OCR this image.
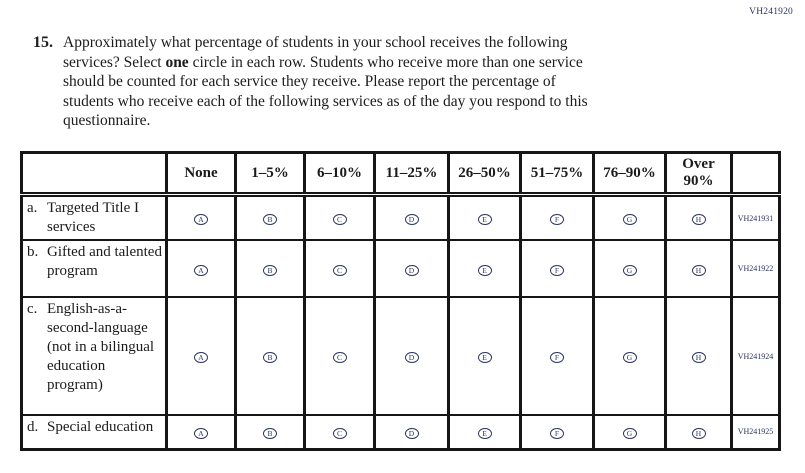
VH241920
15. Approximately what percentage of students in your school receives the following
services? Select one circle in each row. Students who receive more than one service
should be counted for each service they receive. Please report the percentage of
students who receive each of the following services as of the day you respond to this
questionnaire.
	None	1–5%	6–10%	11–25%	26–50%	51–75%	76–90%	Over 90%	

a. Targeted Title I services	A	B	C	D	E	F	G	H	VH241931

b. Gifted and talented program	A	B	C	D	E	F	G	H	VH241922

c. English-as-a-second-language (not in a bilingual education program)	A	B	C	D	E	F	G	H	VH241924

d. Special education	A	B	C	D	E	F	G	H	VH241925
